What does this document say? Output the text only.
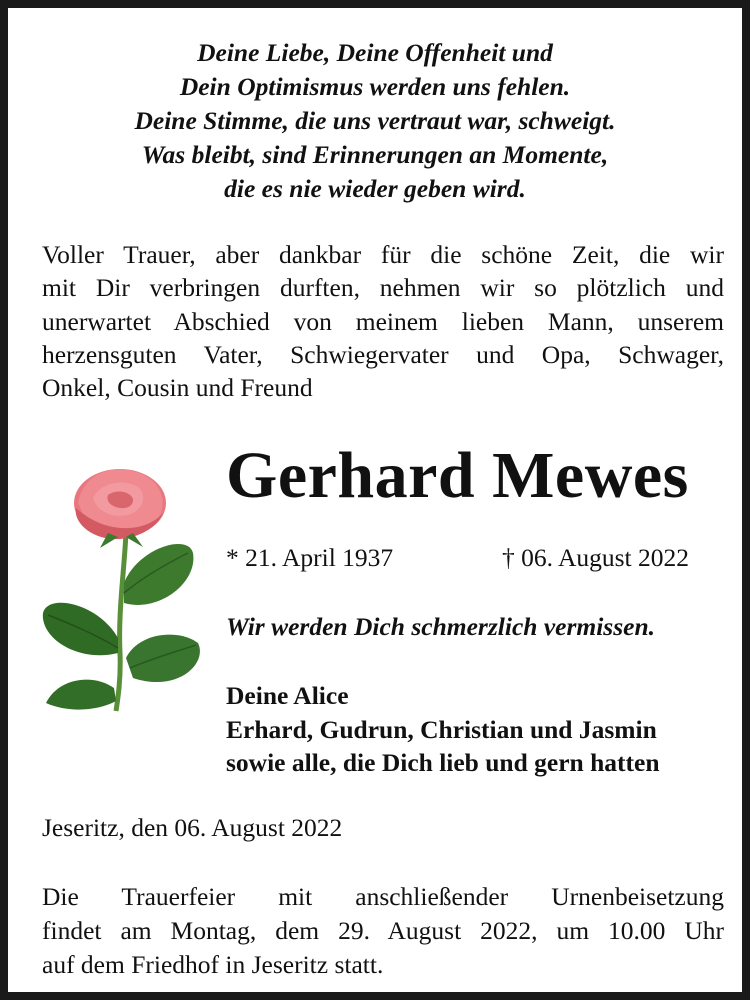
Deine Liebe, Deine Offenheit und
Dein Optimismus werden uns fehlen.
Deine Stimme, die uns vertraut war, schweigt.
Was bleibt, sind Erinnerungen an Momente,
die es nie wieder geben wird.
Voller Trauer, aber dankbar für die schöne Zeit, die wir
mit Dir verbringen durften, nehmen wir so plötzlich und
unerwartet Abschied von meinem lieben Mann, unserem
herzensguten Vater, Schwiegervater und Opa, Schwager,
Onkel, Cousin und Freund
Gerhard Mewes
* 21. April 1937	† 06. August 2022
Wir werden Dich schmerzlich vermissen.
Deine Alice
Erhard, Gudrun, Christian und Jasmin
sowie alle, die Dich lieb und gern hatten
Jeseritz, den 06. August 2022
Die Trauerfeier mit anschließender Urnenbeisetzung
findet am Montag, dem 29. August 2022, um 10.00 Uhr
auf dem Friedhof in Jeseritz statt.
